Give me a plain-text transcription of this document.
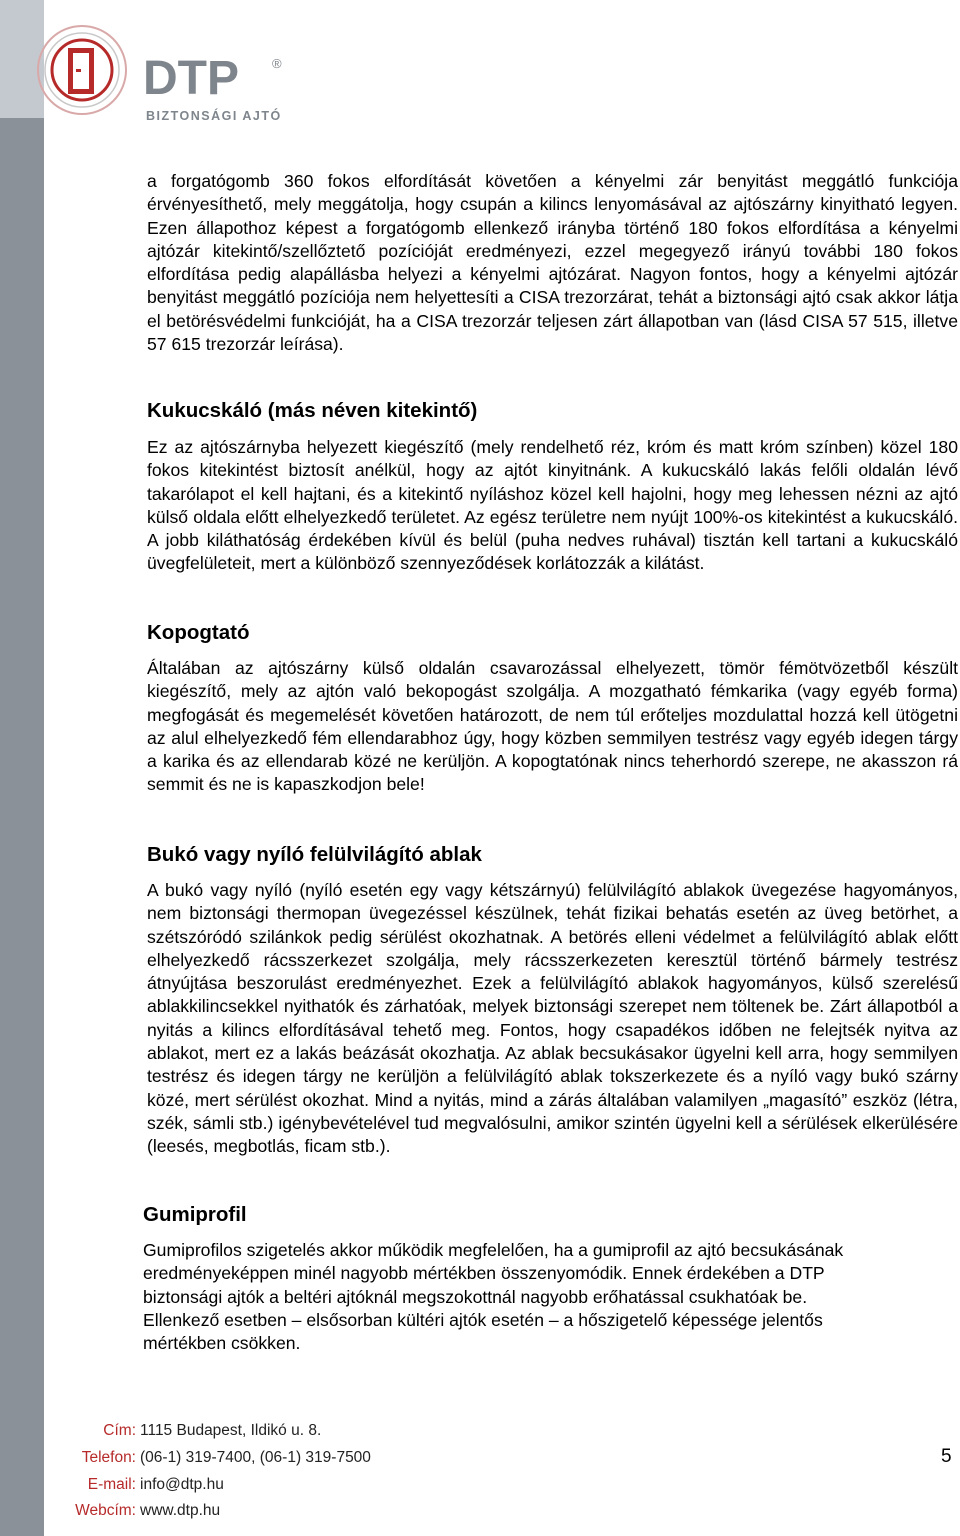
DTP	®
BIZTONSÁGI AJTÓ

a forgatógomb 360 fokos elfordítását követően a kényelmi zár benyitást meggátló funkciója érvényesíthető, mely meggátolja, hogy csupán a kilincs lenyomásával az ajtószárny kinyitható legyen. Ezen állapothoz képest a forgatógomb ellenkező irányba történő 180 fokos elfordítása a kényelmi ajtózár kitekintő/szellőztető pozícióját eredményezi, ezzel megegyező irányú további 180 fokos elfordítása pedig alapállásba helyezi a kényelmi ajtózárat. Nagyon fontos, hogy a kényelmi ajtózár benyitást meggátló pozíciója nem helyettesíti a CISA trezorzárat, tehát a biztonsági ajtó csak akkor látja el betörésvédelmi funkcióját, ha a CISA trezorzár teljesen zárt állapotban van (lásd CISA 57 515, illetve 57 615 trezorzár leírása).

Kukucskáló (más néven kitekintő)

Ez az ajtószárnyba helyezett kiegészítő (mely rendelhető réz, króm és matt króm színben) közel 180 fokos kitekintést biztosít anélkül, hogy az ajtót kinyitnánk. A kukucskáló lakás felőli oldalán lévő takarólapot el kell hajtani, és a kitekintő nyíláshoz közel kell hajolni, hogy meg lehessen nézni az ajtó külső oldala előtt elhelyezkedő területet. Az egész területre nem nyújt 100%-os kitekintést a kukucskáló. A jobb kiláthatóság érdekében kívül és belül (puha nedves ruhával) tisztán kell tartani a kukucskáló üvegfelületeit, mert a különböző szennyeződések korlátozzák a kilátást.

Kopogtató

Általában az ajtószárny külső oldalán csavarozással elhelyezett, tömör fémötvözetből készült kiegészítő, mely az ajtón való bekopogást szolgálja. A mozgatható fémkarika (vagy egyéb forma) megfogását és megemelését követően határozott, de nem túl erőteljes mozdulattal hozzá kell ütögetni az alul elhelyezkedő fém ellendarabhoz úgy, hogy közben semmilyen testrész vagy egyéb idegen tárgy a karika és az ellendarab közé ne kerüljön. A kopogtatónak nincs teherhordó szerepe, ne akasszon rá semmit és ne is kapaszkodjon bele!

Bukó vagy nyíló felülvilágító ablak

A bukó vagy nyíló (nyíló esetén egy vagy kétszárnyú) felülvilágító ablakok üvegezése hagyományos, nem biztonsági thermopan üvegezéssel készülnek, tehát fizikai behatás esetén az üveg betörhet, a szétszóródó szilánkok pedig sérülést okozhatnak. A betörés elleni védelmet a felülvilágító ablak előtt elhelyezkedő rácsszerkezet szolgálja, mely rácsszerkezeten keresztül történő bármely testrész átnyújtása beszorulást eredményezhet. Ezek a felülvilágító ablakok hagyományos, külső szerelésű ablakkilincsekkel nyithatók és zárhatóak, melyek biztonsági szerepet nem töltenek be. Zárt állapotból a nyitás a kilincs elfordításával tehető meg. Fontos, hogy csapadékos időben ne felejtsék nyitva az ablakot, mert ez a lakás beázását okozhatja. Az ablak becsukásakor ügyelni kell arra, hogy semmilyen testrész és idegen tárgy ne kerüljön a felülvilágító ablak tokszerkezete és a nyíló vagy bukó szárny közé, mert sérülést okozhat. Mind a nyitás, mind a zárás általában valamilyen „magasító” eszköz (létra, szék, sámli stb.) igénybevételével tud megvalósulni, amikor szintén ügyelni kell a sérülések elkerülésére (leesés, megbotlás, ficam stb.).

Gumiprofil

Gumiprofilos szigetelés akkor működik megfelelően, ha a gumiprofil az ajtó becsukásának

eredményeképpen minél nagyobb mértékben összenyomódik. Ennek érdekében a DTP

biztonsági ajtók a beltéri ajtóknál megszokottnál nagyobb erőhatással csukhatóak be.

Ellenkező esetben – elsősorban kültéri ajtók esetén – a hőszigetelő képessége jelentős

mértékben csökken.

Cím: 1115 Budapest, Ildikó u. 8.
Telefon: (06-1) 319-7400, (06-1) 319-7500
E-mail: info@dtp.hu
Webcím: www.dtp.hu
5
